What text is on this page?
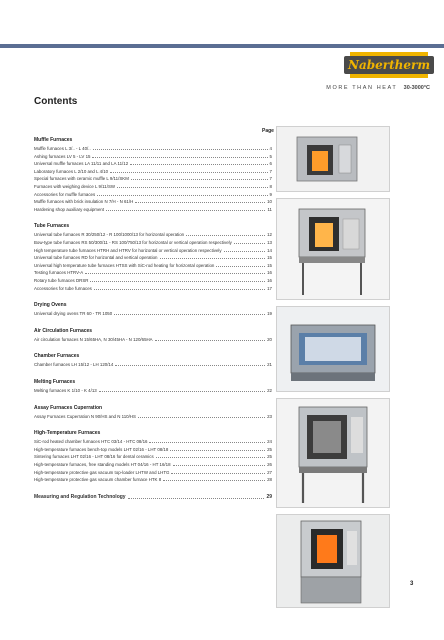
Nabertherm
MORE THAN HEAT 30-3000°C
Contents
Page
Muffle Furnaces
Muffle furnaces L 3/.. - L 40/..	4
Ashing furnaces LV 5 - LV 15	5
Universal muffle furnaces LA 11/11 and LA 11/12	6
Laboratory furnaces L 2/10 and L 4/10	7
Special furnaces with ceramic muffle L 9/11/SKM	7
Furnaces with weighing device L 9/11/SW	8
Accessories for muffle furnaces	9
Muffle furnaces with brick insulation N 7/H - N 61/H	10
Hardening shop auxiliary equipment	11
Tube Furnaces
Universal tube furnaces R 30/250/12 - R 100/1000/13 for horizontal operation	12
Bow-type tube furnaces RS 50/300/11 - RS 100/750/13 for horizontal or vertical operation respectively	13
High temperature tube furnaces HTRH and HTRV for horizontal or vertical operation respectively	14
Universal tube furnaces RD for horizontal and vertical operation	15
Universal high temperature tube furnaces HTSS with SiC-rod heating for horizontal operation	15
Testing furnaces HTRV-A	16
Rotary tube furnaces DRSR	16
Accessories for tube furnaces	17
Drying Ovens
Universal drying ovens TR 60 - TR 1050	19
Air Circulation Furnaces
Air circulation furnaces N 15/65HA, N 30/45HA - N 120/65HA	20
Chamber Furnaces
Chamber furnaces LH 15/12 - LH 120/14	21
Melting Furnaces
Melting furnaces K 1/10 - K 4/13	22
Assay Furnaces Cuperration
Assay Furnaces Cuperration N 90/HS and N 110/HS	23
High-Temperature Furnaces
SiC-rod heated chamber furnaces HTC 03/14 - HTC 08/16	24
High-temperature furnaces bench-top models LHT 02/16 - LHT 08/18	25
Sintering furnaces LHT 02/16 - LHT 08/16 for dental ceramics	25
High-temperature furnaces, free standing models HT 04/16 - HT 16/18	26
High-temperature protective gas vacuum top-loader LHTW and LHTG	27
High-temperature protective gas vacuum chamber furnace HTK 8	28
Measuring and Regulation Technology	29
3
